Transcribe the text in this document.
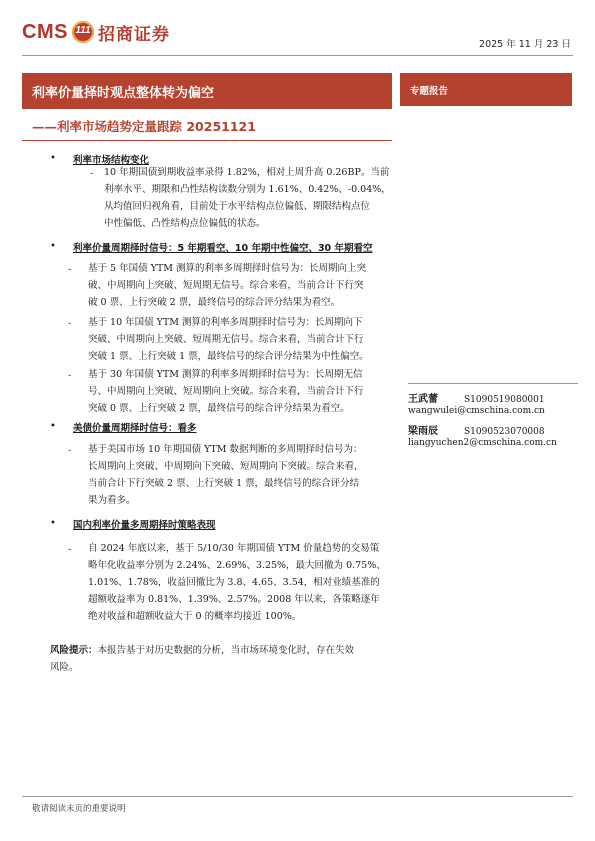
CMS 111 招商证券	2025 年 11 月 23 日
利率价量择时观点整体转为偏空
——利率市场趋势定量跟踪 20251121
专题报告
• 利率市场结构变化
- 10 年期国债到期收益率录得 1.82%，相对上周升高 0.26BP。当前
利率水平、期限和凸性结构读数分别为 1.61%、0.42%、-0.04%，
从均值回归视角看，目前处于水平结构点位偏低、期限结构点位
中性偏低、凸性结构点位偏低的状态。
• 利率价量周期择时信号：5 年期看空、10 年期中性偏空、30 年期看空
- 基于 5 年国债 YTM 测算的利率多周期择时信号为：长周期向上突
破、中周期向上突破、短周期无信号。综合来看，当前合计下行突
破 0 票、上行突破 2 票，最终信号的综合评分结果为看空。
- 基于 10 年国债 YTM 测算的利率多周期择时信号为：长周期向下
突破、中周期向上突破、短周期无信号。综合来看，当前合计下行
突破 1 票、上行突破 1 票，最终信号的综合评分结果为中性偏空。
- 基于 30 年国债 YTM 测算的利率多周期择时信号为：长周期无信
号、中周期向上突破、短周期向上突破。综合来看，当前合计下行
突破 0 票、上行突破 2 票，最终信号的综合评分结果为看空。
• 美债价量周期择时信号：看多
- 基于美国市场 10 年期国债 YTM 数据判断的多周期择时信号为：
长周期向上突破、中周期向下突破、短周期向下突破。综合来看，
当前合计下行突破 2 票、上行突破 1 票，最终信号的综合评分结
果为看多。
• 国内利率价量多周期择时策略表现
- 自 2024 年底以来，基于 5/10/30 年期国债 YTM 价量趋势的交易策
略年化收益率分别为 2.24%、2.69%、3.25%，最大回撤为 0.75%、
1.01%、1.78%，收益回撤比为 3.8、4.65、3.54，相对业绩基准的
超额收益率为 0.81%、1.39%、2.57%。2008 年以来，各策略逐年
绝对收益和超额收益大于 0 的概率均接近 100%。
风险提示：本报告基于对历史数据的分析，当市场环境变化时，存在失效
风险。
王武蕾	S1090519080001
wangwulei@cmschina.com.cn
梁雨辰	S1090523070008
liangyuchen2@cmschina.com.cn
敬请阅读末页的重要说明
